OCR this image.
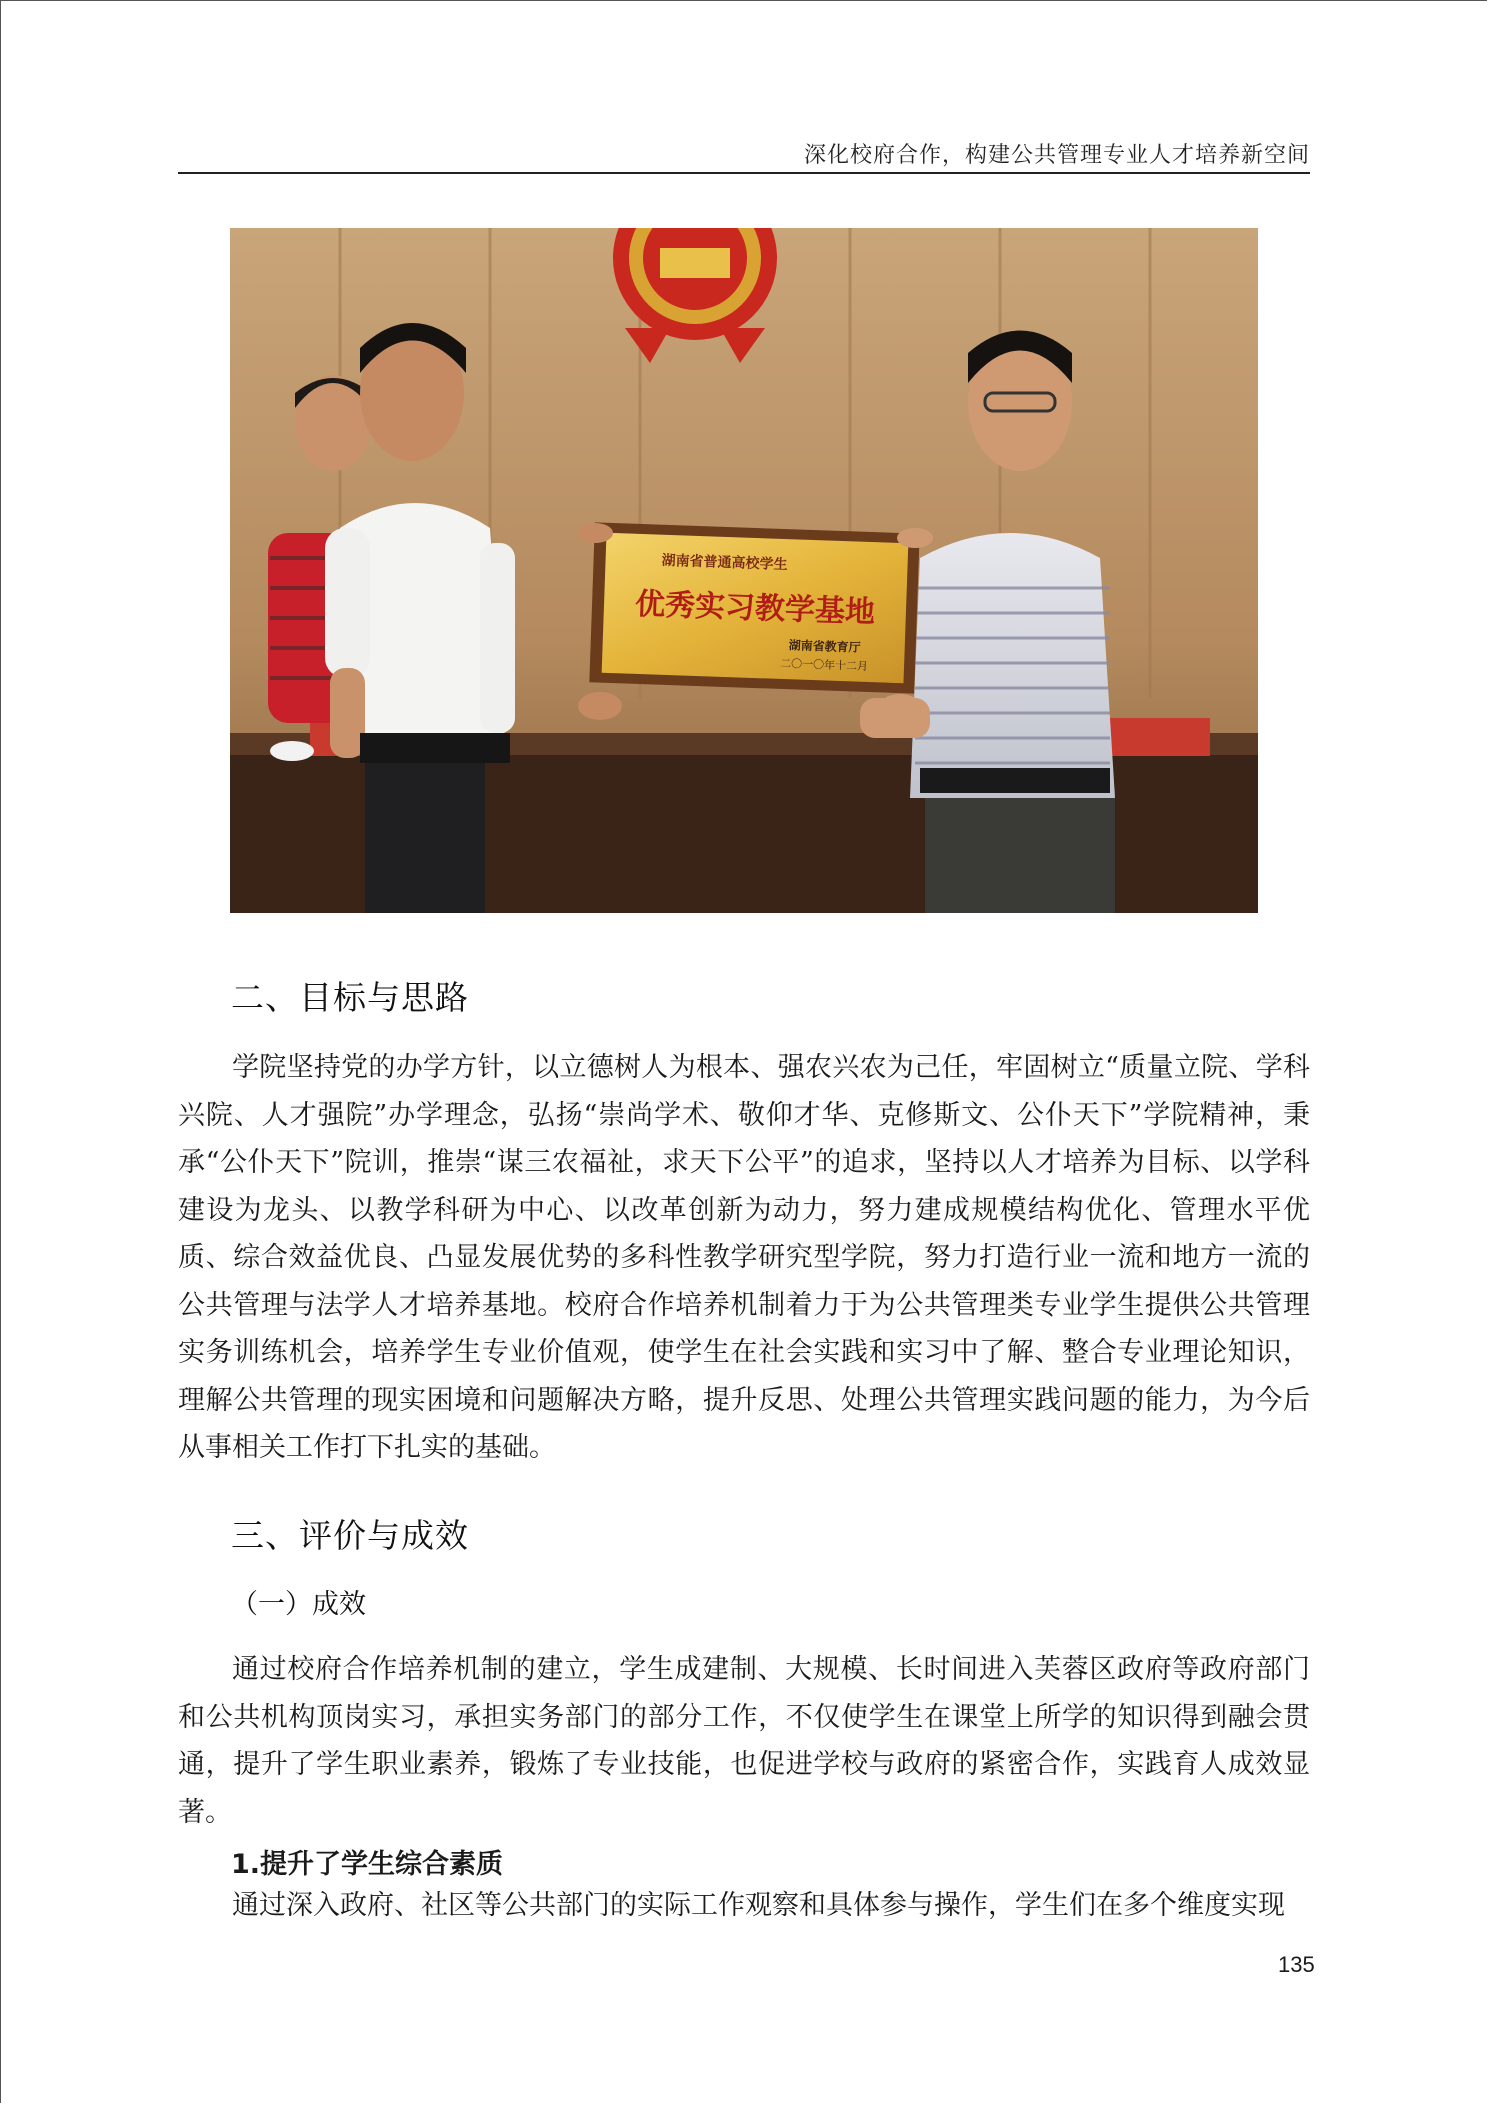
深化校府合作，构建公共管理专业人才培养新空间
湖南省普通高校学生
优秀实习教学基地
湖南省教育厅
二〇一〇年十二月
二、目标与思路

学院坚持党的办学方针，以立德树人为根本、强农兴农为己任，牢固树立“质量立院、学科兴院、人才强院”办学理念，弘扬“崇尚学术、敬仰才华、克修斯文、公仆天下”学院精神，秉承“公仆天下”院训，推崇“谋三农福祉，求天下公平”的追求，坚持以人才培养为目标、以学科建设为龙头、以教学科研为中心、以改革创新为动力，努力建成规模结构优化、管理水平优质、综合效益优良、凸显发展优势的多科性教学研究型学院，努力打造行业一流和地方一流的公共管理与法学人才培养基地。校府合作培养机制着力于为公共管理类专业学生提供公共管理实务训练机会，培养学生专业价值观，使学生在社会实践和实习中了解、整合专业理论知识，理解公共管理的现实困境和问题解决方略，提升反思、处理公共管理实践问题的能力，为今后从事相关工作打下扎实的基础。

三、评价与成效
（一）成效

通过校府合作培养机制的建立，学生成建制、大规模、长时间进入芙蓉区政府等政府部门和公共机构顶岗实习，承担实务部门的部分工作，不仅使学生在课堂上所学的知识得到融会贯通，提升了学生职业素养，锻炼了专业技能，也促进学校与政府的紧密合作，实践育人成效显著。

1.提升了学生综合素质

通过深入政府、社区等公共部门的实际工作观察和具体参与操作，学生们在多个维度实现

135
